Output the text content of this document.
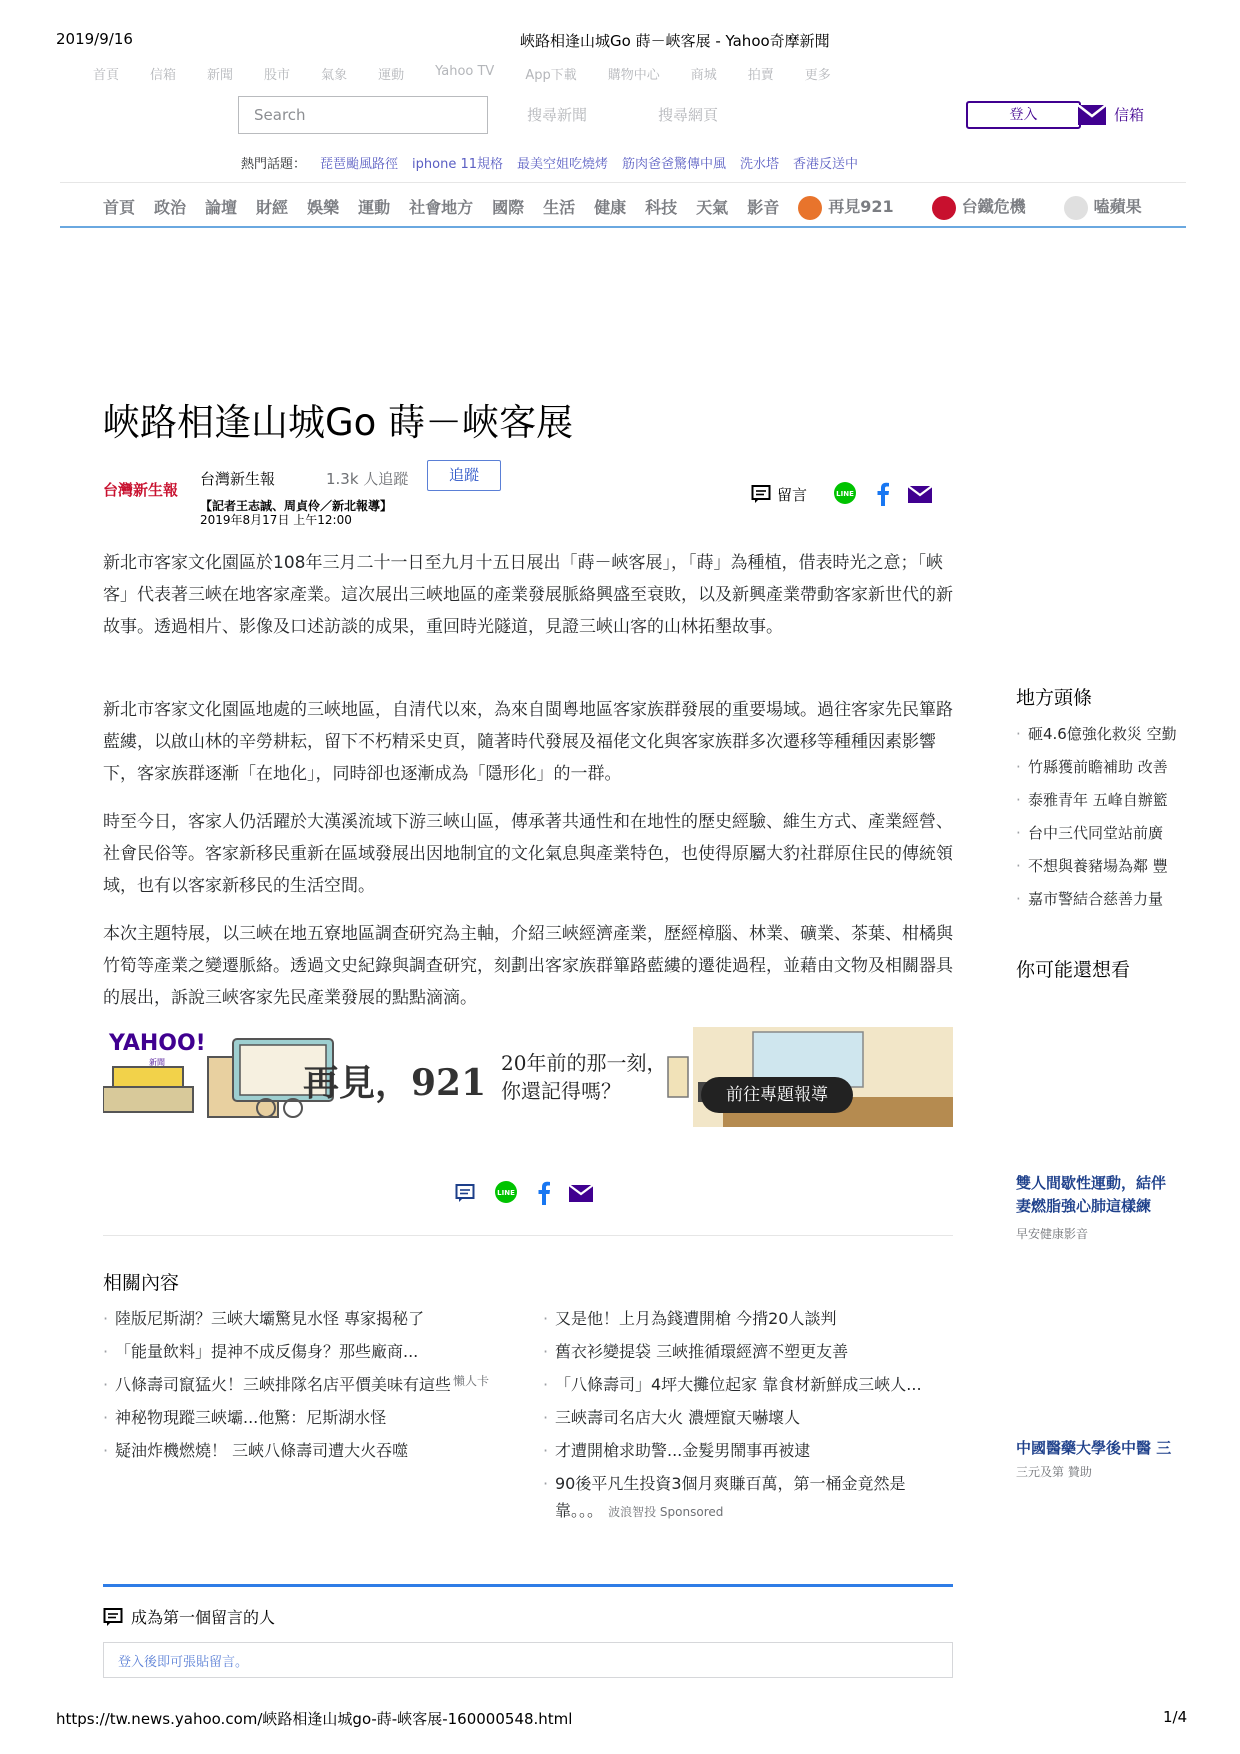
2019/9/16	峽路相逢山城Go 蒔－峽客展 - Yahoo奇摩新聞
首頁 信箱 新聞 股市 氣象 運動 Yahoo TV App下載 購物中心 商城 拍賣 更多
Search	搜尋新聞	搜尋網頁	登入	信箱
熱門話題： 琵琶颱風路徑 iphone 11規格 最美空姐吃燒烤 筋肉爸爸驚傳中風 洗水塔 香港反送中
首頁 政治 論壇 財經 娛樂 運動 社會地方 國際 生活 健康 科技 天氣 影音	再見921	台鐵危機	嗑蘋果
峽路相逢山城Go 蒔－峽客展
台灣新生報
台灣新生報	1.3k 人追蹤	追蹤
【記者王志誠、周貞伶／新北報導】
2019年8月17日 上午12:00
留言	LINE

新北市客家文化園區於108年三月二十一日至九月十五日展出「蒔－峽客展」，「蒔」為種植，借表時光之意；「峽客」代表著三峽在地客家產業。這次展出三峽地區的產業發展脈絡興盛至衰敗，以及新興產業帶動客家新世代的新故事。透過相片、影像及口述訪談的成果，重回時光隧道，見證三峽山客的山林拓墾故事。

新北市客家文化園區地處的三峽地區，自清代以來，為來自閩粵地區客家族群發展的重要場域。過往客家先民篳路藍縷，以啟山林的辛勞耕耘，留下不朽精采史頁，隨著時代發展及福佬文化與客家族群多次遷移等種種因素影響下，客家族群逐漸「在地化」，同時卻也逐漸成為「隱形化」的一群。

時至今日，客家人仍活躍於大漢溪流域下游三峽山區，傳承著共通性和在地性的歷史經驗、維生方式、產業經營、社會民俗等。客家新移民重新在區域發展出因地制宜的文化氣息與產業特色，也使得原屬大豹社群原住民的傳統領域，也有以客家新移民的生活空間。

本次主題特展，以三峽在地五寮地區調查研究為主軸，介紹三峽經濟產業，歷經樟腦、林業、礦業、茶葉、柑橘與竹筍等產業之變遷脈絡。透過文史紀錄與調查研究，刻劃出客家族群篳路藍縷的遷徙過程，並藉由文物及相關器具的展出，訴說三峽客家先民產業發展的點點滴滴。

YAHOO!
新聞	再見，921 20年前的那一刻，
你還記得嗎？	前往專題報導
LINE
相關內容
· 陸版尼斯湖？三峽大壩驚見水怪 專家揭秘了
· 「能量飲料」提神不成反傷身？那些廠商...
· 八條壽司竄猛火！三峽排隊名店平價美味有這些
· 神秘物現蹤三峽壩...他驚：尼斯湖水怪
· 疑油炸機燃燒！ 三峽八條壽司遭大火吞噬
懶人卡
· 又是他！上月為錢遭開槍 今揹20人談判
· 舊衣衫變提袋 三峽推循環經濟不塑更友善
· 「八條壽司」4坪大攤位起家 靠食材新鮮成三峽人...
· 三峽壽司名店大火 濃煙竄天嚇壞人
· 才遭開槍求助警...金髮男鬧事再被逮
· 90後平凡生投資3個月爽賺百萬，第一桶金竟然是靠。。。 波浪智投 Sponsored
成為第一個留言的人
登入後即可張貼留言。
地方頭條
· 砸4.6億強化救災 空勤
· 竹縣獲前瞻補助 改善
· 泰雅青年 五峰自辦籃
· 台中三代同堂站前廣
· 不想與養豬場為鄰 豐
· 嘉市警結合慈善力量
你可能還想看
雙人間歇性運動，結伴
妻燃脂強心肺這樣練
早安健康影音
中國醫藥大學後中醫 三
三元及第 贊助
https://tw.news.yahoo.com/峽路相逢山城go-蒔-峽客展-160000548.html	1/4
